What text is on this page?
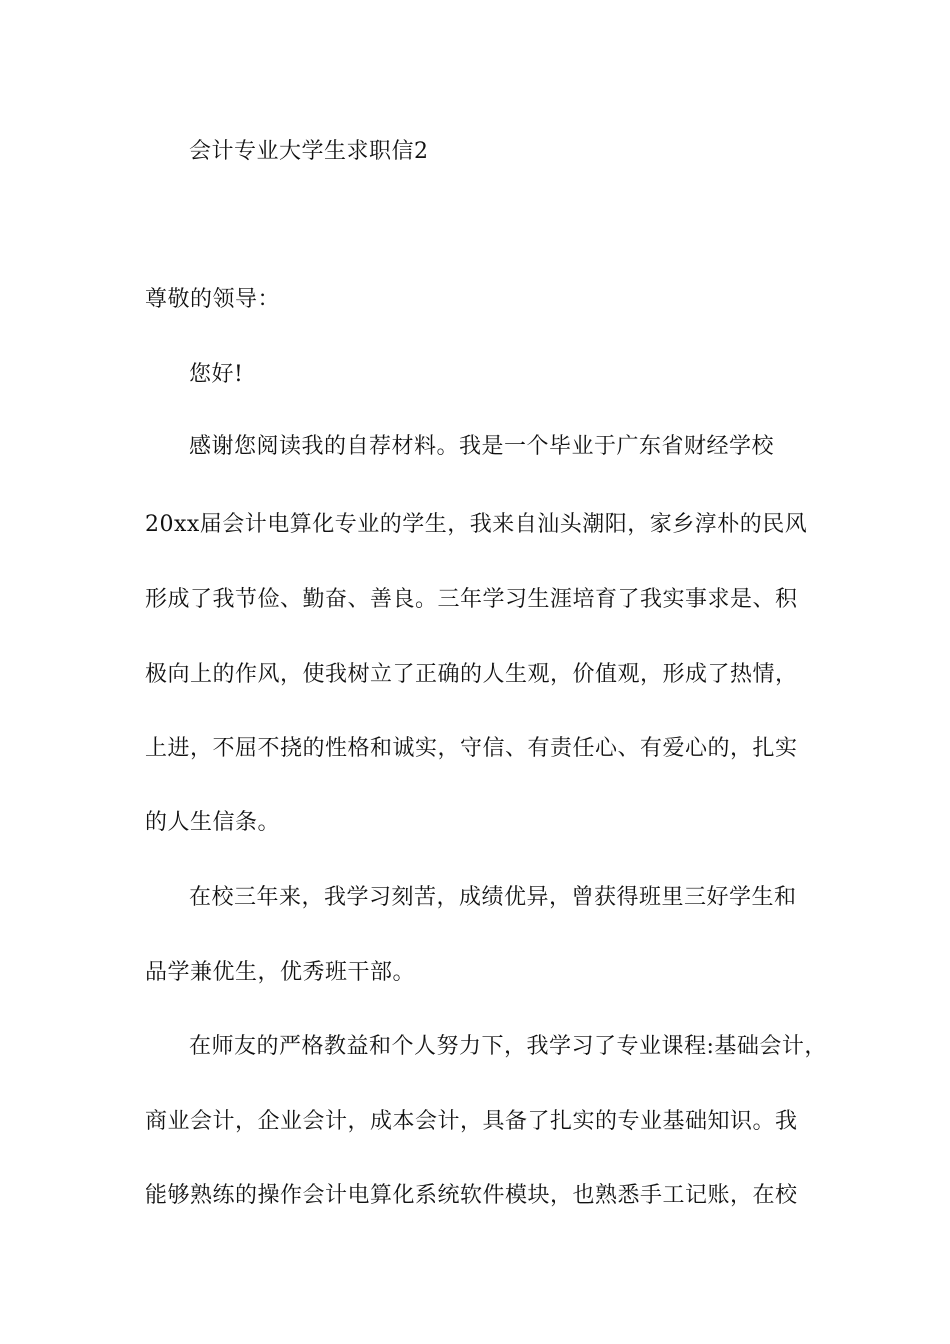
会计专业大学生求职信2
尊敬的领导：
您好!
感谢您阅读我的自荐材料。我是一个毕业于广东省财经学校
20xx届会计电算化专业的学生，我来自汕头潮阳，家乡淳朴的民风
形成了我节俭、勤奋、善良。三年学习生涯培育了我实事求是、积
极向上的作风，使我树立了正确的人生观，价值观，形成了热情，
上进，不屈不挠的性格和诚实，守信、有责任心、有爱心的，扎实
的人生信条。
在校三年来，我学习刻苦，成绩优异，曾获得班里三好学生和
品学兼优生，优秀班干部。
在师友的严格教益和个人努力下，我学习了专业课程:基础会计，
商业会计，企业会计，成本会计，具备了扎实的专业基础知识。我
能够熟练的操作会计电算化系统软件模块，也熟悉手工记账，在校
